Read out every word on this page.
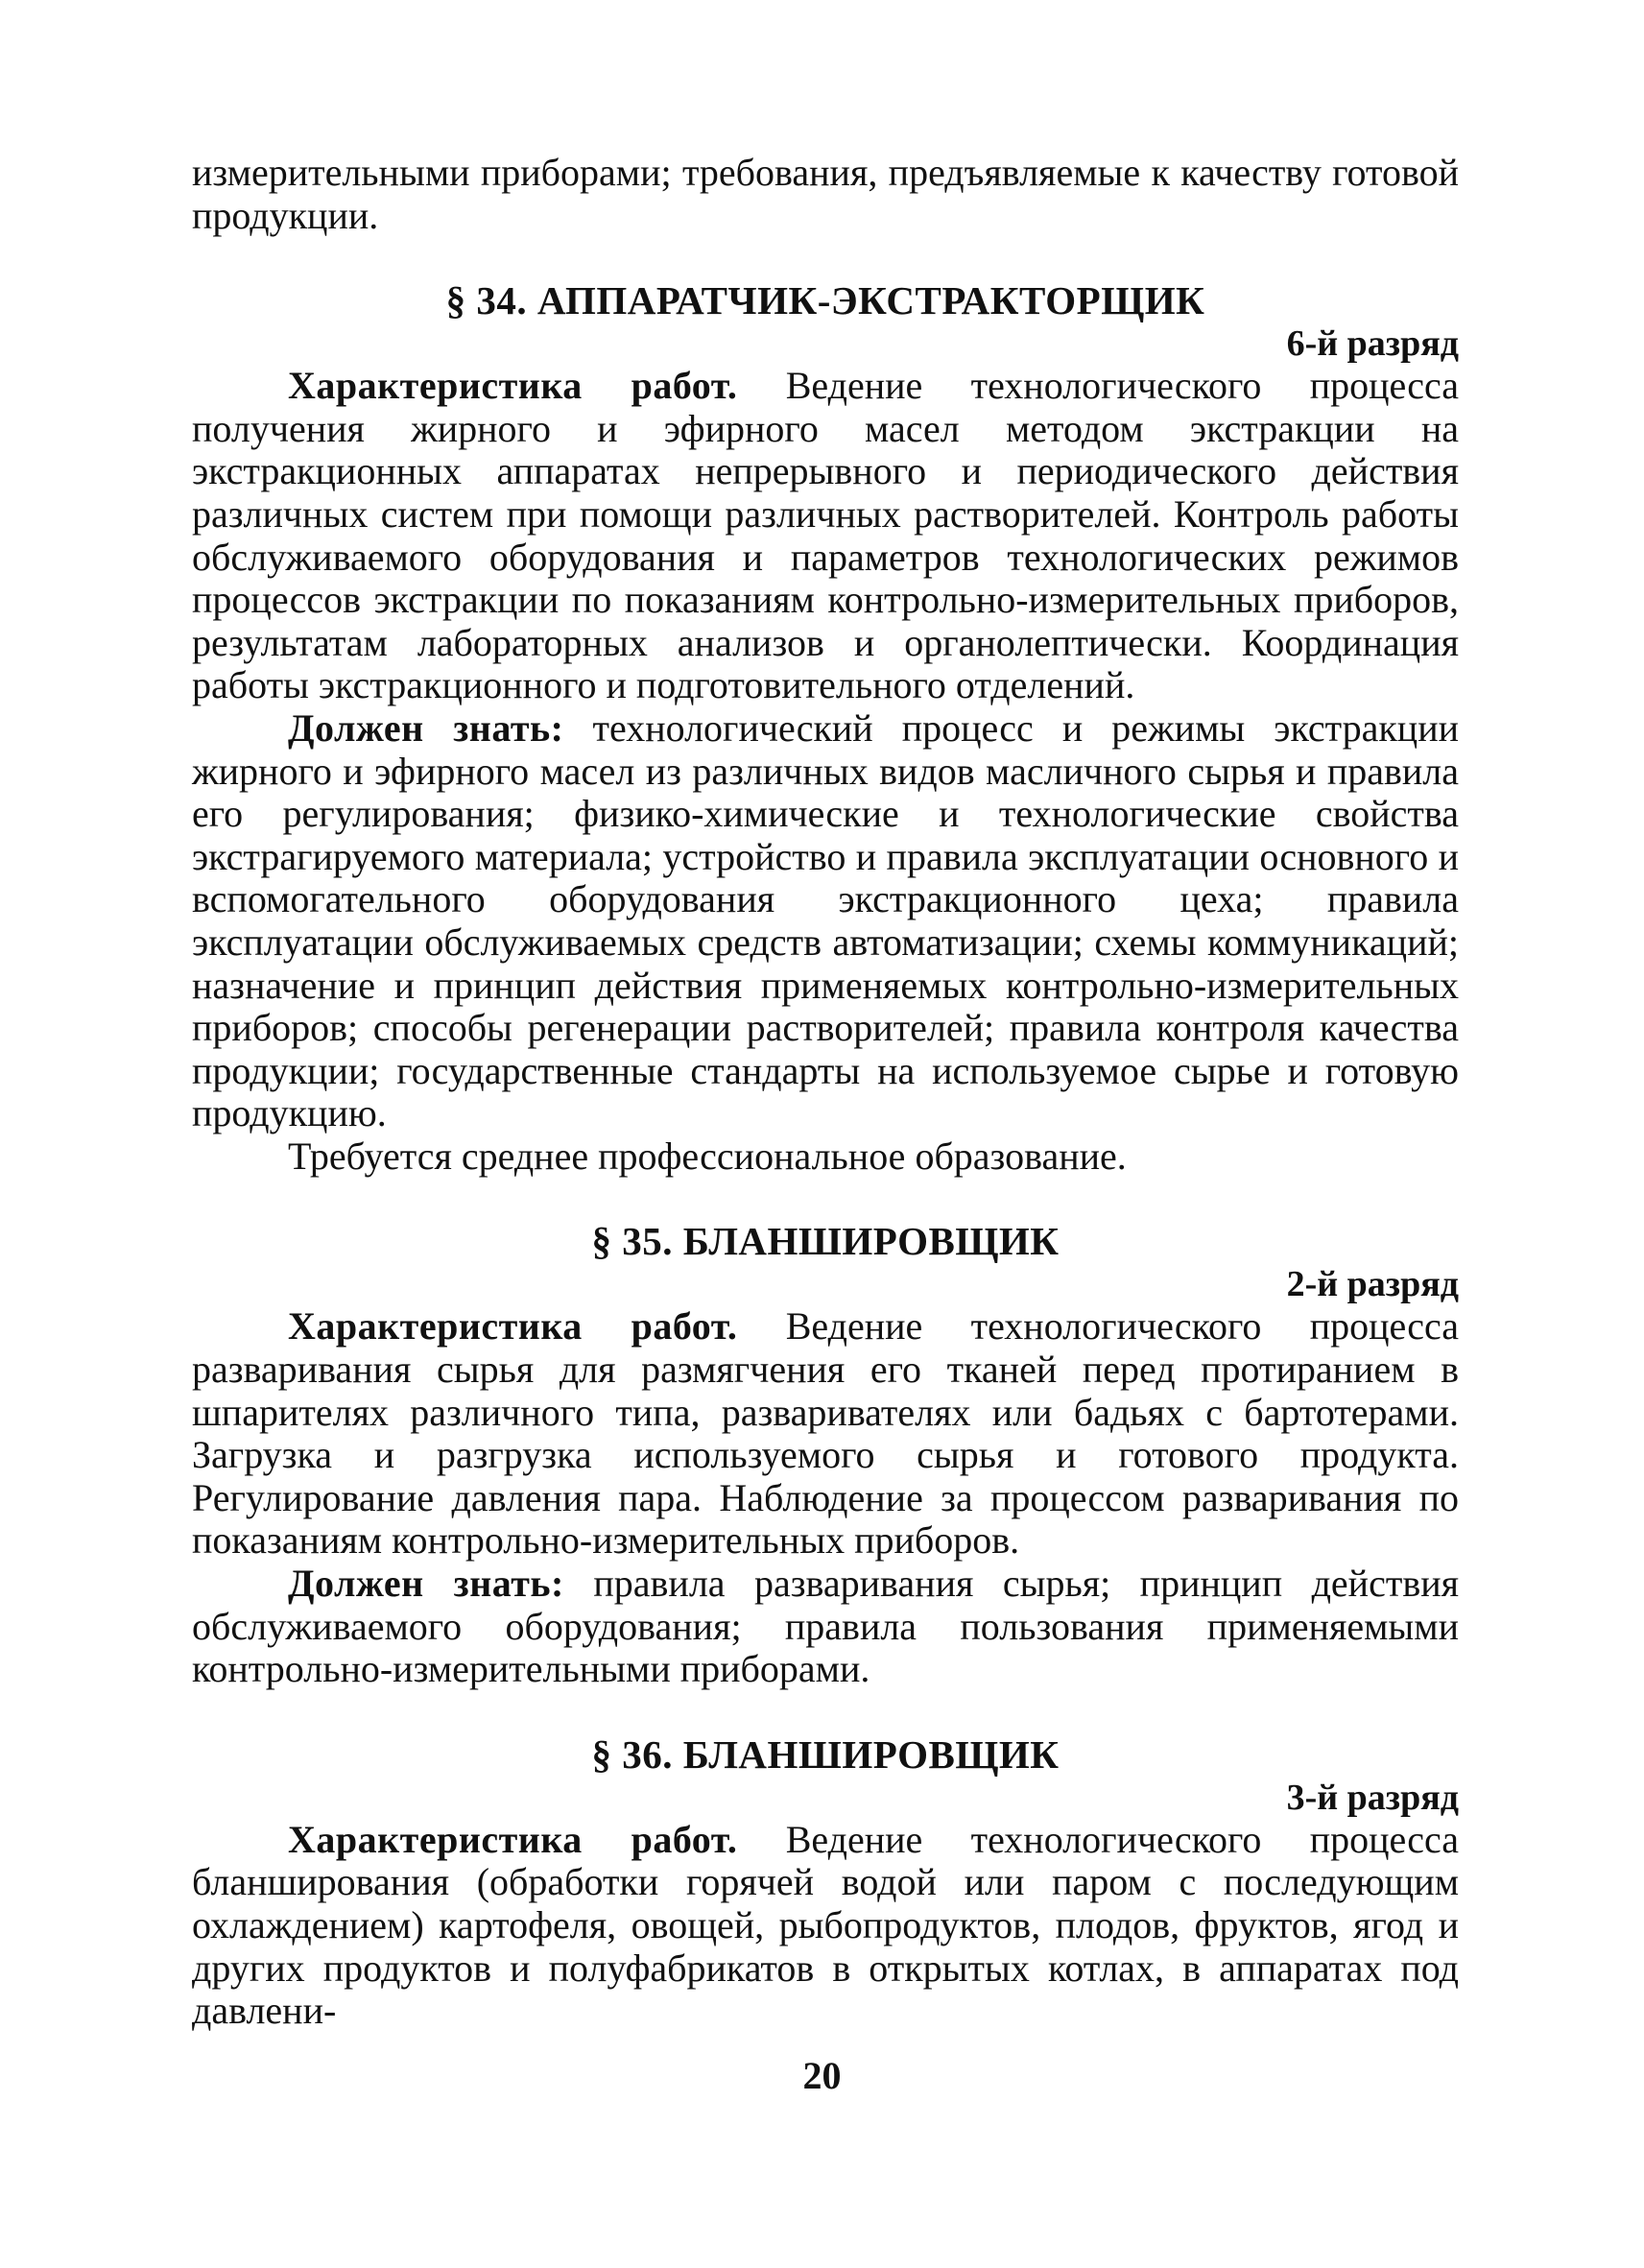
измерительными приборами; требования, предъявляемые к качеству готовой продукции.

§ 34. АППАРАТЧИК-ЭКСТРАКТОРЩИК
6-й разряд

Характеристика работ. Ведение технологического процесса получения жирного и эфирного масел методом экстракции на экстракционных аппаратах непрерывного и периодического действия различных систем при помощи различных растворителей. Контроль работы обслуживаемого оборудования и параметров технологических режимов процессов экстракции по показаниям контрольно-измерительных приборов, результатам лабораторных анализов и органолептически. Координация работы экстракционного и подготовительного отделений.

Должен знать: технологический процесс и режимы экстракции жирного и эфирного масел из различных видов масличного сырья и правила его регулирования; физико-химические и технологические свойства экстрагируемого материала; устройство и правила эксплуатации основного и вспомогательного оборудования экстракционного цеха; правила эксплуатации обслуживаемых средств автоматизации; схемы коммуникаций; назначение и принцип действия применяемых контрольно-измерительных приборов; способы регенерации растворителей; правила контроля качества продукции; государственные стандарты на используемое сырье и готовую продукцию.

Требуется среднее профессиональное образование.

§ 35. БЛАНШИРОВЩИК
2-й разряд

Характеристика работ. Ведение технологического процесса разваривания сырья для размягчения его тканей перед протиранием в шпарителях различного типа, разваривателях или бадьях с бартотерами. Загрузка и разгрузка используемого сырья и готового продукта. Регулирование давления пара. Наблюдение за процессом разваривания по показаниям контрольно-измерительных приборов.

Должен знать: правила разваривания сырья; принцип действия обслуживаемого оборудования; правила пользования применяемыми контрольно-измерительными приборами.

§ 36. БЛАНШИРОВЩИК
3-й разряд

Характеристика работ. Ведение технологического процесса бланширования (обработки горячей водой или паром с последующим охлаждением) картофеля, овощей, рыбопродуктов, плодов, фруктов, ягод и других продуктов и полуфабрикатов в открытых котлах, в аппаратах под давлени-

20
